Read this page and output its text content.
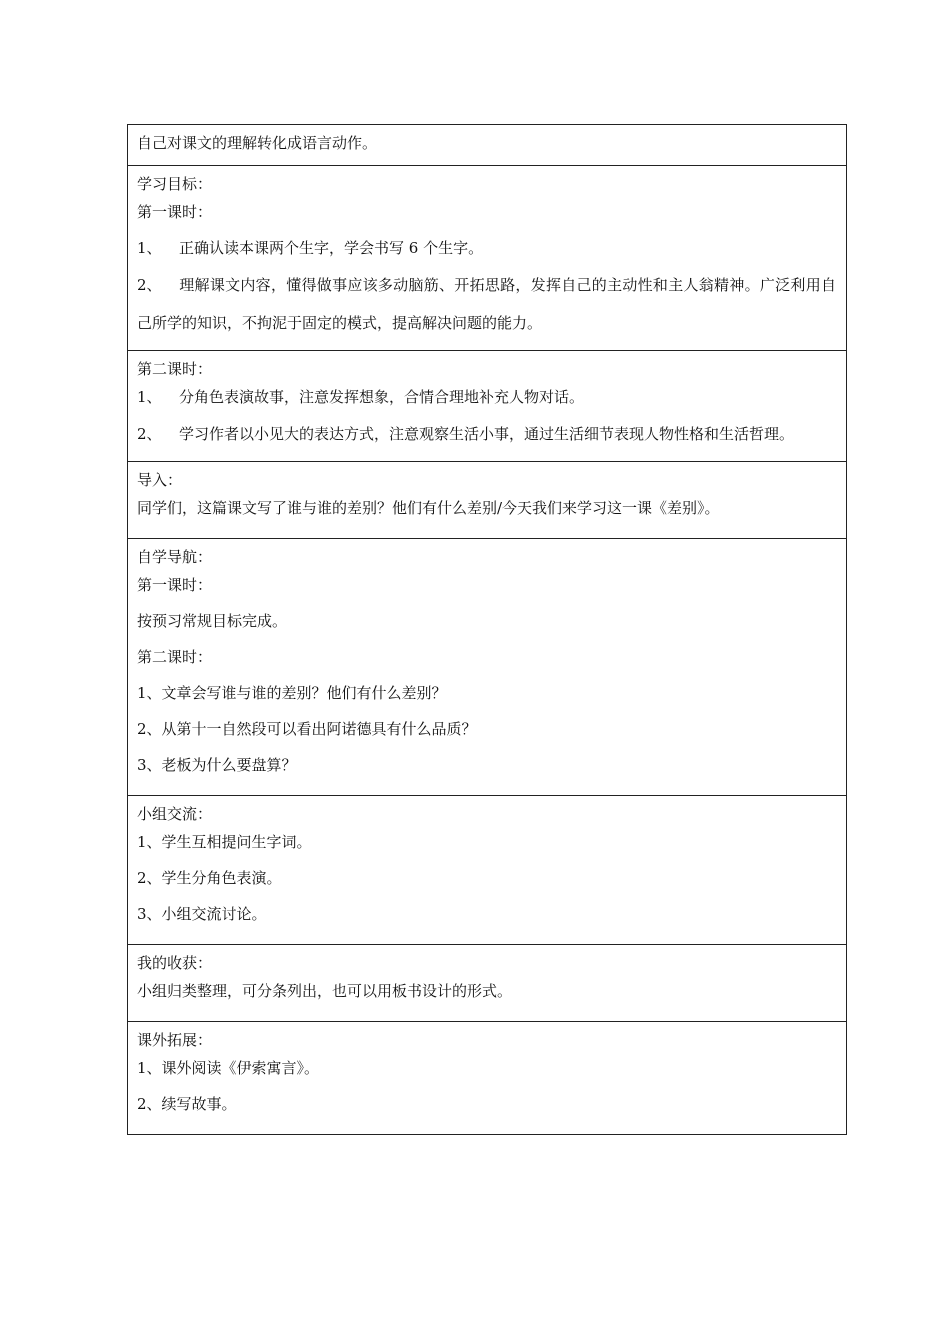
自己对课文的理解转化成语言动作。
学习目标：
第一课时：
1、	正确认读本课两个生字，学会书写 6 个生字。
2、 理解课文内容，懂得做事应该多动脑筋、开拓思路，发挥自己的主动性和主人翁精神。广泛利用自己所学的知识，不拘泥于固定的模式，提高解决问题的能力。
第二课时：
1、	分角色表演故事，注意发挥想象，合情合理地补充人物对话。
2、 学习作者以小见大的表达方式，注意观察生活小事，通过生活细节表现人物性格和生活哲理。
导入：
同学们，这篇课文写了谁与谁的差别？他们有什么差别/今天我们来学习这一课《差别》。
自学导航：
第一课时：
按预习常规目标完成。
第二课时：
1、文章会写谁与谁的差别？他们有什么差别？
2、从第十一自然段可以看出阿诺德具有什么品质？
3、老板为什么要盘算？
小组交流：
1、学生互相提问生字词。
2、学生分角色表演。
3、小组交流讨论。
我的收获：
小组归类整理，可分条列出，也可以用板书设计的形式。
课外拓展：
1、课外阅读《伊索寓言》。
2、续写故事。
